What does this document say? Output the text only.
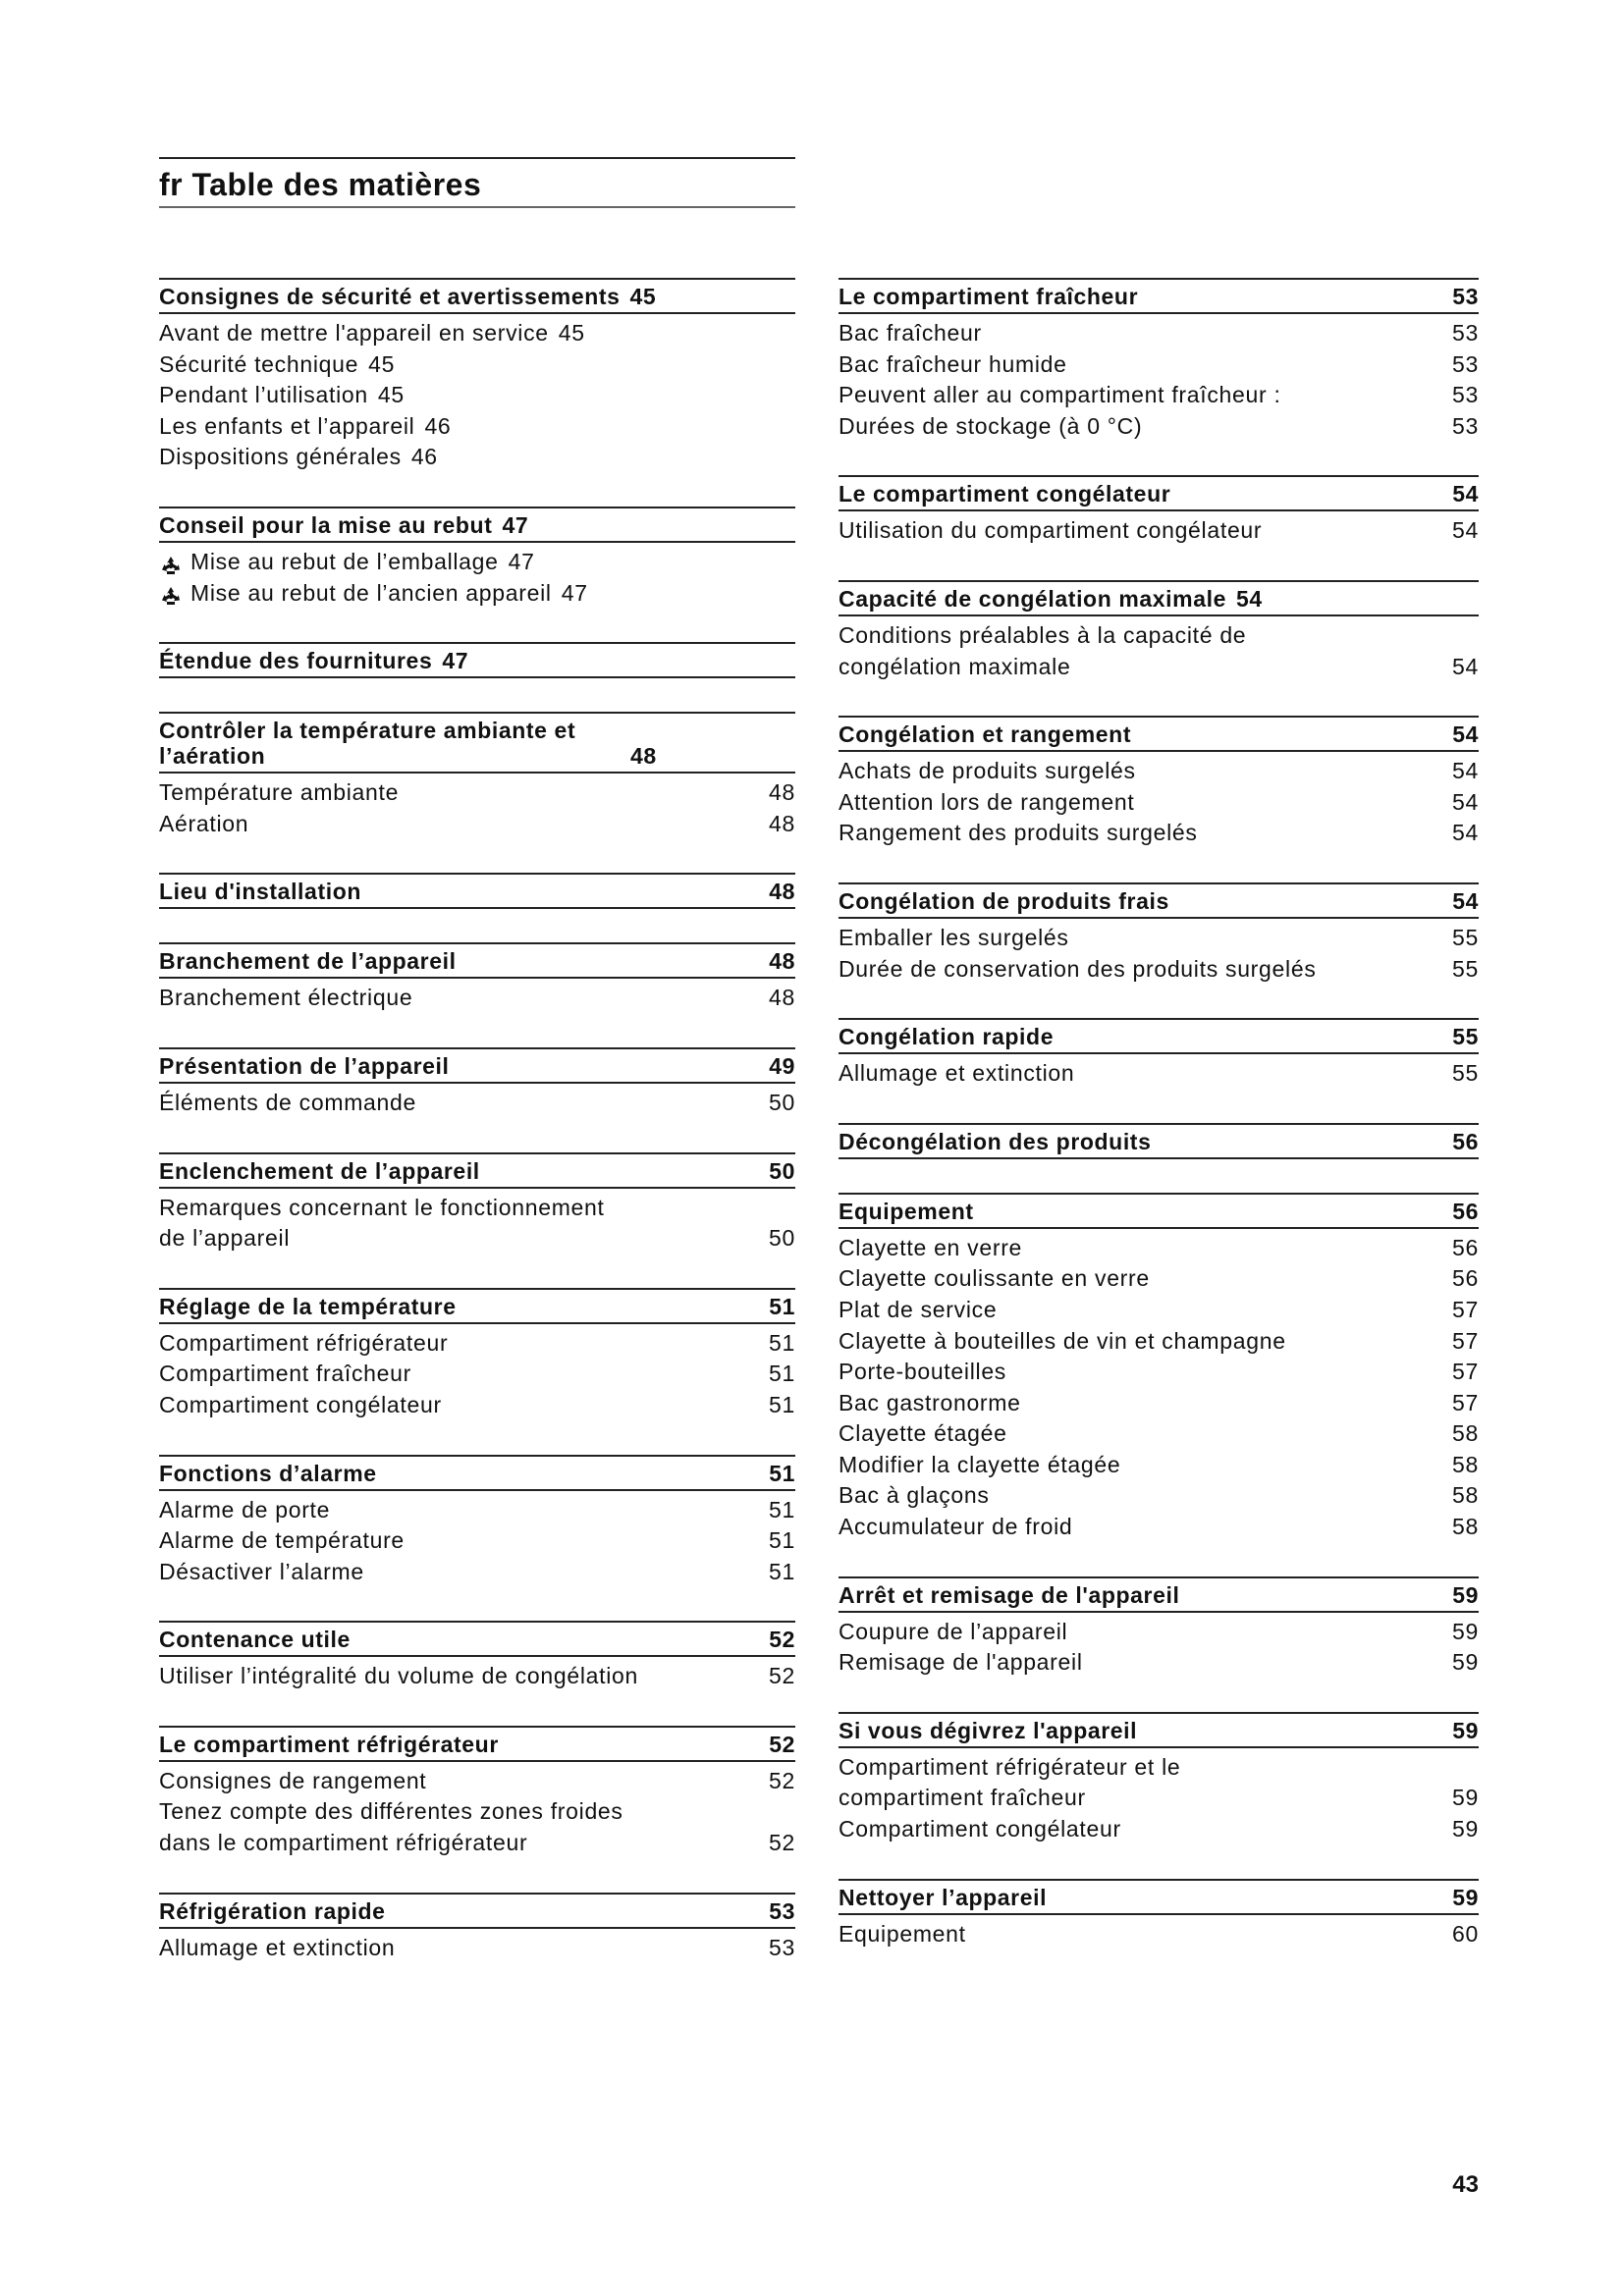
fr Table des matières
Consignes de sécurité et avertissements 45
Avant de mettre l'appareil en service 45
Sécurité technique 45
Pendant l’utilisation 45
Les enfants et l’appareil 46
Dispositions générales 46
Conseil pour la mise au rebut 47
Mise au rebut de l’emballage 47
Mise au rebut de l’ancien appareil 47
Étendue des fournitures 47
Contrôler la température ambiante et l’aération	48
Température ambiante	48
Aération	48
Lieu d'installation	48
Branchement de l’appareil	48
Branchement électrique	48
Présentation de l’appareil	49
Éléments de commande	50
Enclenchement de l’appareil	50
Remarques concernant le fonctionnement
de l’appareil	50
Réglage de la température	51
Compartiment réfrigérateur	51
Compartiment fraîcheur	51
Compartiment congélateur	51
Fonctions d’alarme	51
Alarme de porte	51
Alarme de température	51
Désactiver l’alarme	51
Contenance utile	52
Utiliser l’intégralité du volume de congélation	52
Le compartiment réfrigérateur	52
Consignes de rangement	52
Tenez compte des différentes zones froides
dans le compartiment réfrigérateur	52
Réfrigération rapide	53
Allumage et extinction	53
Le compartiment fraîcheur	53
Bac fraîcheur	53
Bac fraîcheur humide	53
Peuvent aller au compartiment fraîcheur :	53
Durées de stockage (à 0 °C)	53
Le compartiment congélateur	54
Utilisation du compartiment congélateur	54
Capacité de congélation maximale 54
Conditions préalables à la capacité de
congélation maximale	54
Congélation et rangement	54
Achats de produits surgelés	54
Attention lors de rangement	54
Rangement des produits surgelés	54
Congélation de produits frais	54
Emballer les surgelés	55
Durée de conservation des produits surgelés	55
Congélation rapide	55
Allumage et extinction	55
Décongélation des produits	56
Equipement	56
Clayette en verre	56
Clayette coulissante en verre	56
Plat de service	57
Clayette à bouteilles de vin et champagne	57
Porte-bouteilles	57
Bac gastronorme	57
Clayette étagée	58
Modifier la clayette étagée	58
Bac à glaçons	58
Accumulateur de froid	58
Arrêt et remisage de l'appareil	59
Coupure de l’appareil	59
Remisage de l'appareil	59
Si vous dégivrez l'appareil	59
Compartiment réfrigérateur et le
compartiment fraîcheur	59
Compartiment congélateur	59
Nettoyer l’appareil	59
Equipement	60
43
